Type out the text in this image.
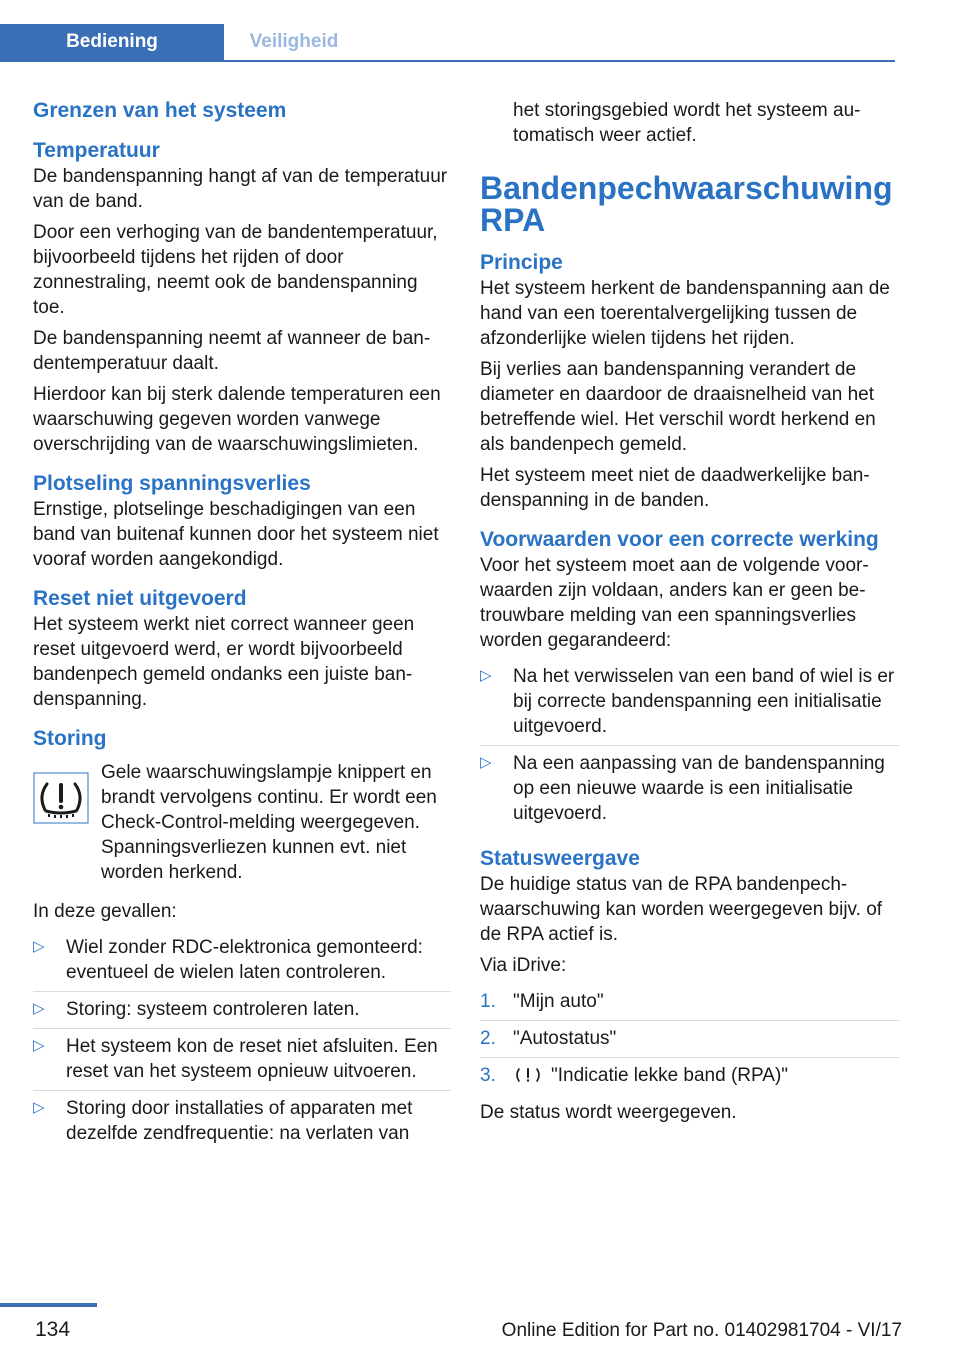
Bediening	Veiligheid
Grenzen van het systeem
Temperatuur

De bandenspanning hangt af van de temperatuur van de band.

Door een verhoging van de bandentemperatuur, bijvoorbeeld tijdens het rijden of door zonnestraling, neemt ook de bandenspanning toe.

De bandenspanning neemt af wanneer de bandentemperatuur daalt.

Hierdoor kan bij sterk dalende temperaturen een waarschuwing gegeven worden vanwege overschrijding van de waarschuwingslimieten.

Plotseling spanningsverlies

Ernstige, plotselinge beschadigingen van een band van buitenaf kunnen door het systeem niet vooraf worden aangekondigd.

Reset niet uitgevoerd

Het systeem werkt niet correct wanneer geen reset uitgevoerd werd, er wordt bijvoorbeeld bandenpech gemeld ondanks een juiste bandenspanning.

Storing
Gele waarschuwingslampje knippert en brandt vervolgens continu. Er wordt een Check-Control-melding weergegeven. Spanningsverliezen kunnen evt. niet worden herkend.

In deze gevallen:

▷ Wiel zonder RDC-elektronica gemonteerd: eventueel de wielen laten controleren.
▷ Storing: systeem controleren laten.
▷ Het systeem kon de reset niet afsluiten. Een reset van het systeem opnieuw uitvoeren.
▷ Storing door installaties of apparaten met dezelfde zendfrequentie: na verlaten van

het storingsgebied wordt het systeem automatisch weer actief.

Bandenpechwaarschuwing RPA
Principe

Het systeem herkent de bandenspanning aan de hand van een toerentalvergelijking tussen de afzonderlijke wielen tijdens het rijden.

Bij verlies aan bandenspanning verandert de diameter en daardoor de draaisnelheid van het betreffende wiel. Het verschil wordt herkend en als bandenpech gemeld.

Het systeem meet niet de daadwerkelijke bandenspanning in de banden.

Voorwaarden voor een correcte werking

Voor het systeem moet aan de volgende voorwaarden zijn voldaan, anders kan er geen betrouwbare melding van een spanningsverlies worden gegarandeerd:

▷ Na het verwisselen van een band of wiel is er bij correcte bandenspanning een initialisatie uitgevoerd.
▷ Na een aanpassing van de bandenspanning op een nieuwe waarde is een initialisatie uitgevoerd.
Statusweergave

De huidige status van de RPA bandenpechwaarschuwing kan worden weergegeven bijv. of de RPA actief is.

Via iDrive:

1. "Mijn auto"
2. "Autostatus"
3.	"Indicatie lekke band (RPA)"

De status wordt weergegeven.

134	Online Edition for Part no. 01402981704 - VI/17
